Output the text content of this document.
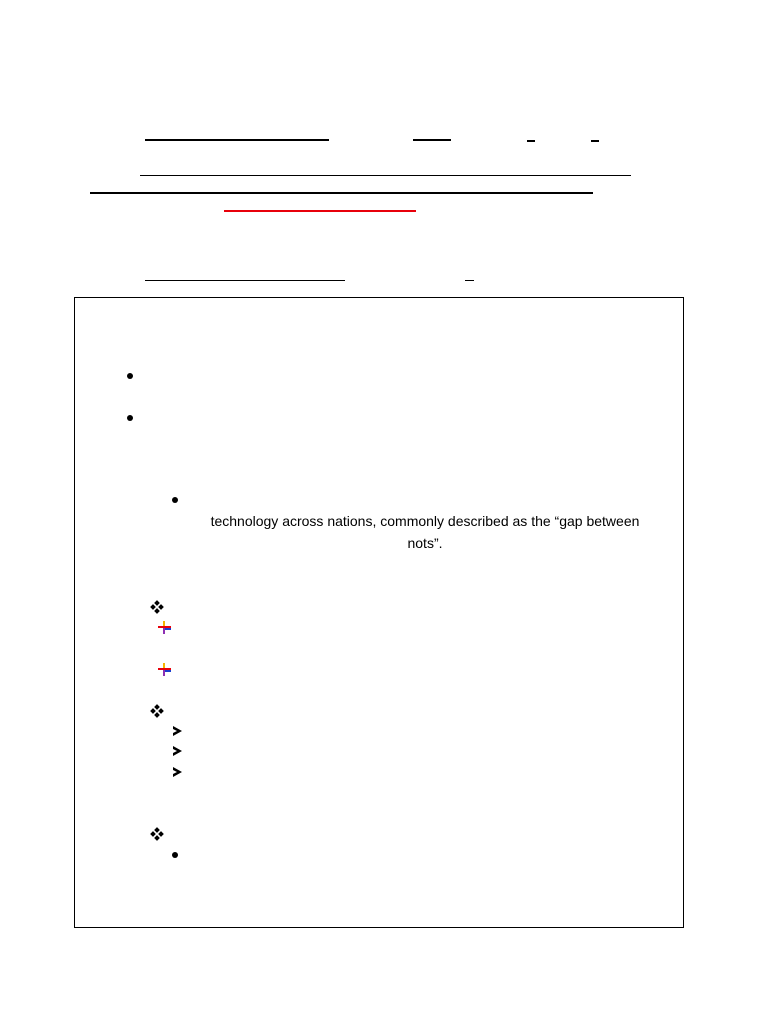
technology across nations, commonly described as the “gap between
nots”.
